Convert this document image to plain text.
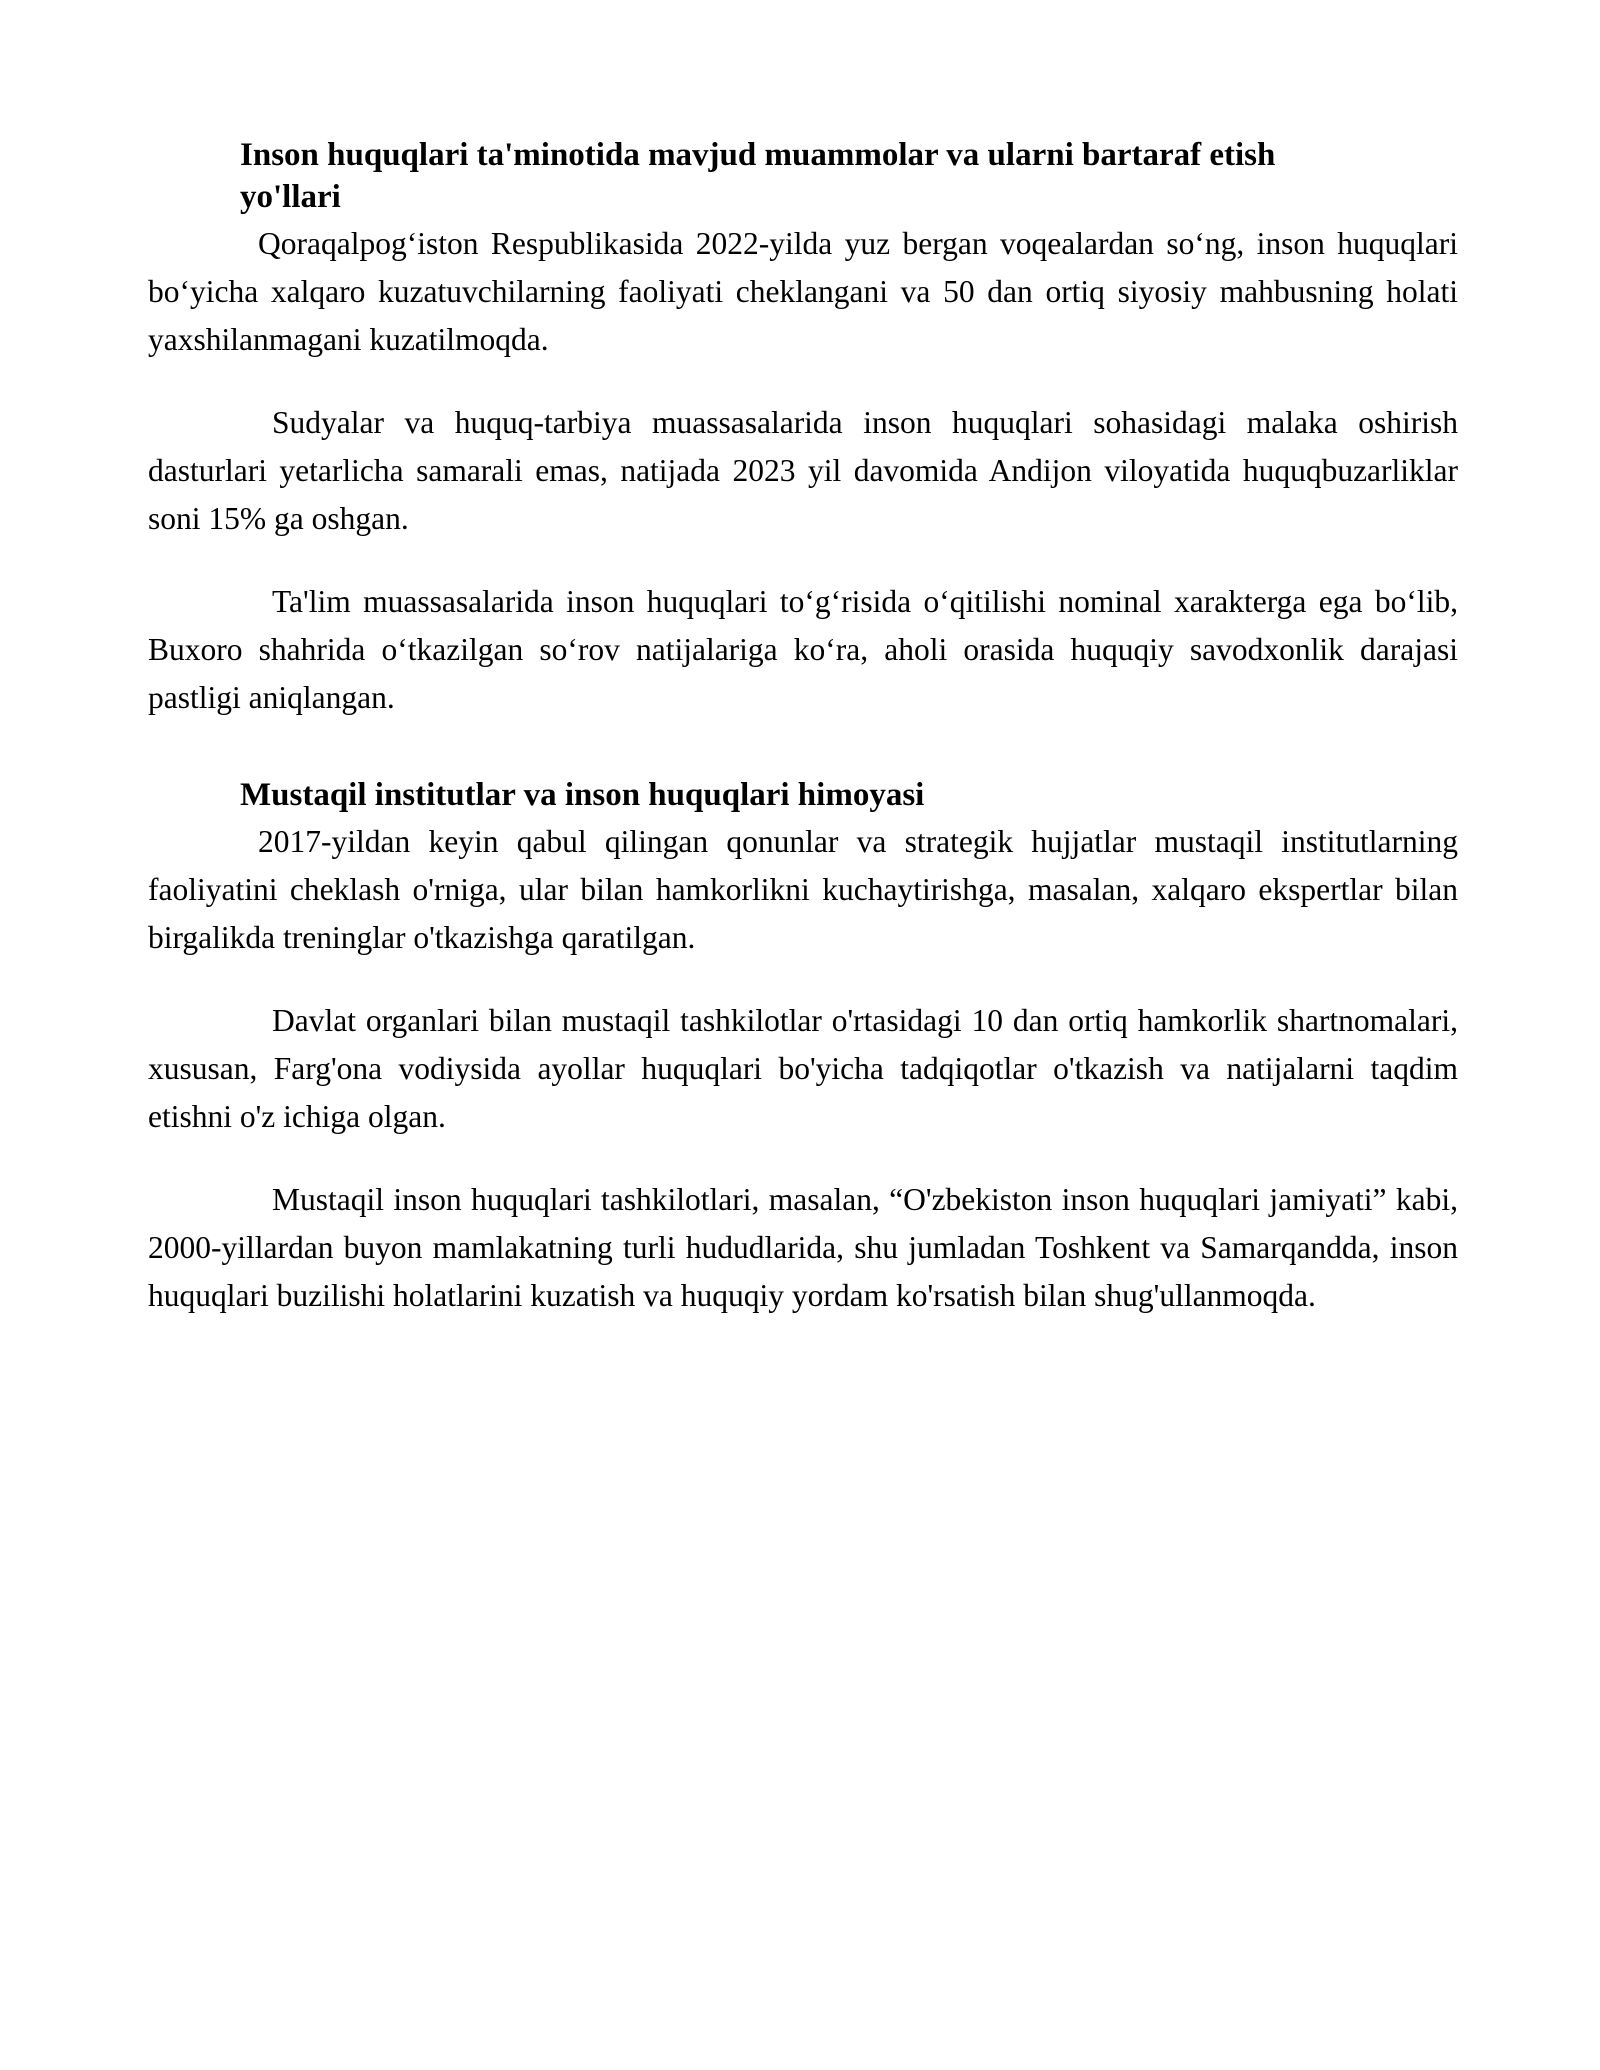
Inson huquqlari ta'minotida mavjud muammolar va ularni bartaraf etish yo'llari

Qoraqalpog‘iston Respublikasida 2022-yilda yuz bergan voqealardan so‘ng, inson huquqlari bo‘yicha xalqaro kuzatuvchilarning faoliyati cheklangani va 50 dan ortiq siyosiy mahbusning holati yaxshilanmagani kuzatilmoqda.

Sudyalar va huquq-tarbiya muassasalarida inson huquqlari sohasidagi malaka oshirish dasturlari yetarlicha samarali emas, natijada 2023 yil davomida Andijon viloyatida huquqbuzarliklar soni 15% ga oshgan.

Ta'lim muassasalarida inson huquqlari to‘g‘risida o‘qitilishi nominal xarakterga ega bo‘lib, Buxoro shahrida o‘tkazilgan so‘rov natijalariga ko‘ra, aholi orasida huquqiy savodxonlik darajasi pastligi aniqlangan.

Mustaqil institutlar va inson huquqlari himoyasi

2017-yildan keyin qabul qilingan qonunlar va strategik hujjatlar mustaqil institutlarning faoliyatini cheklash o'rniga, ular bilan hamkorlikni kuchaytirishga, masalan, xalqaro ekspertlar bilan birgalikda treninglar o'tkazishga qaratilgan.

Davlat organlari bilan mustaqil tashkilotlar o'rtasidagi 10 dan ortiq hamkorlik shartnomalari, xususan, Farg'ona vodiysida ayollar huquqlari bo'yicha tadqiqotlar o'tkazish va natijalarni taqdim etishni o'z ichiga olgan.

Mustaqil inson huquqlari tashkilotlari, masalan, “O'zbekiston inson huquqlari jamiyati” kabi, 2000-yillardan buyon mamlakatning turli hududlarida, shu jumladan Toshkent va Samarqandda, inson huquqlari buzilishi holatlarini kuzatish va huquqiy yordam ko'rsatish bilan shug'ullanmoqda.
